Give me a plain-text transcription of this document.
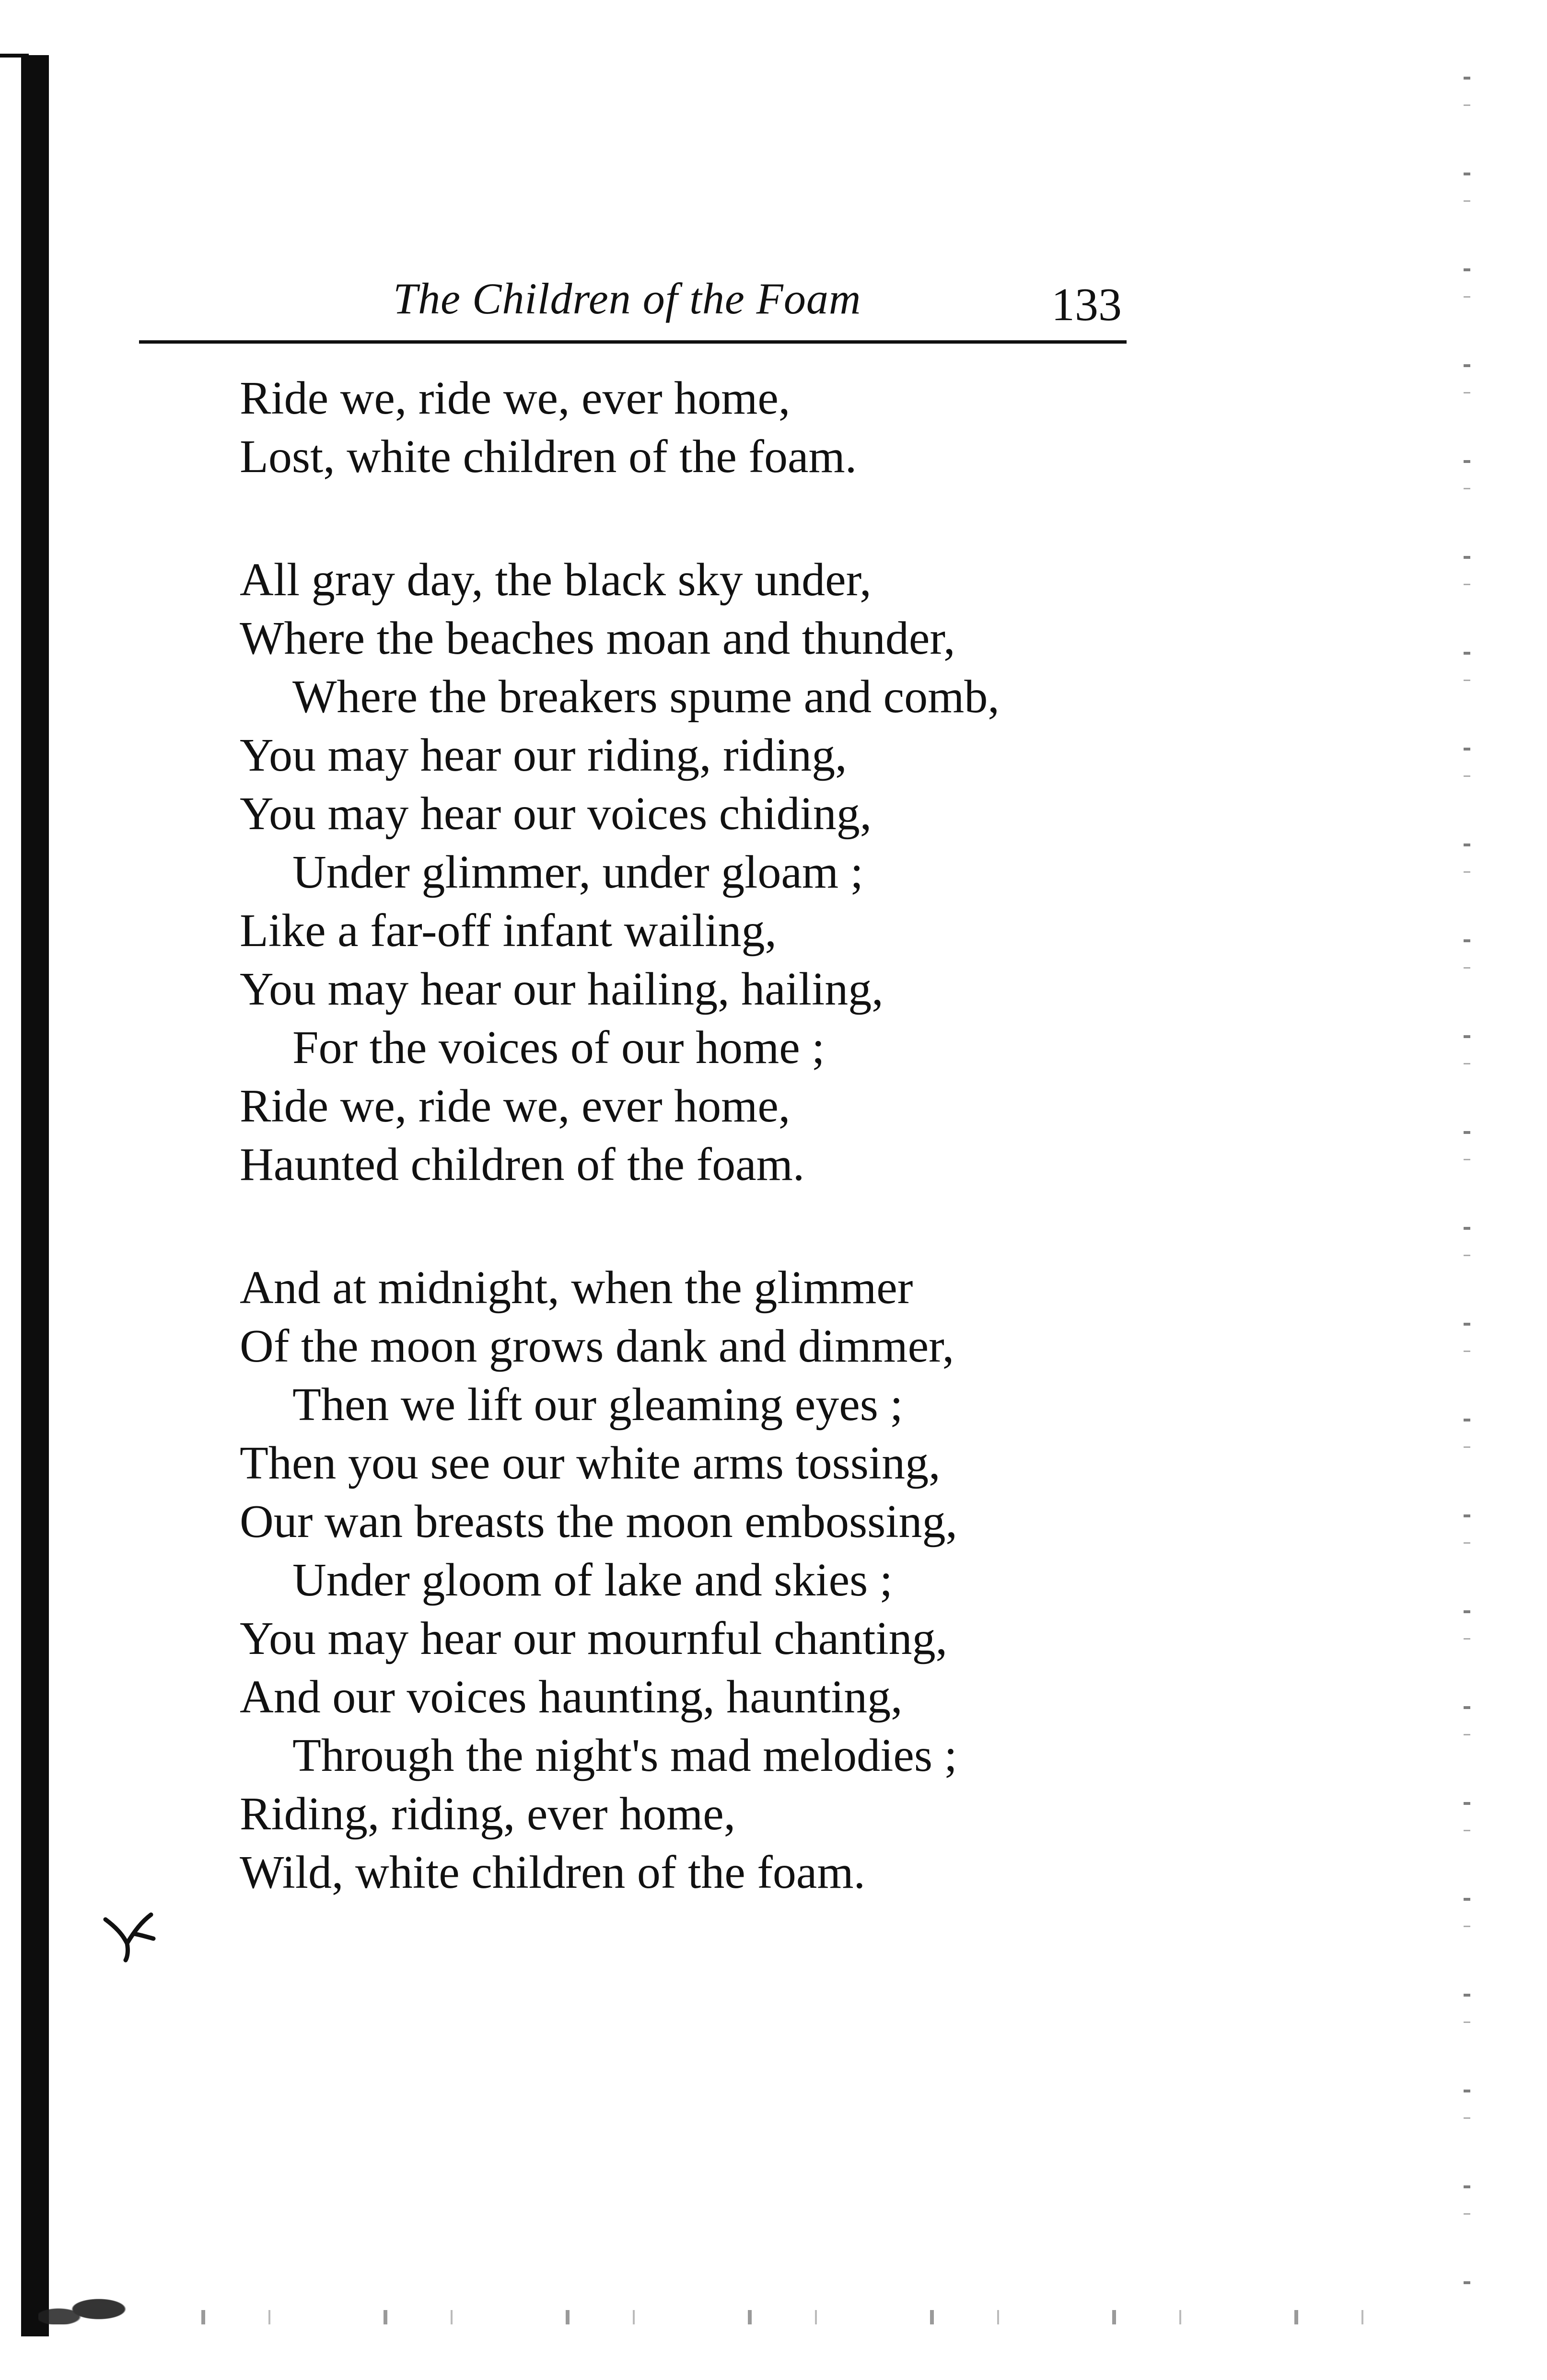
The Children of the Foam	133
Ride we, ride we, ever home,
Lost, white children of the foam.
All gray day, the black sky under,
Where the beaches moan and thunder,
Where the breakers spume and comb,
You may hear our riding, riding,
You may hear our voices chiding,
Under glimmer, under gloam ;
Like a far-off infant wailing,
You may hear our hailing, hailing,
For the voices of our home ;
Ride we, ride we, ever home,
Haunted children of the foam.
And at midnight, when the glimmer
Of the moon grows dank and dimmer,
Then we lift our gleaming eyes ;
Then you see our white arms tossing,
Our wan breasts the moon embossing,
Under gloom of lake and skies ;
You may hear our mournful chanting,
And our voices haunting, haunting,
Through the night's mad melodies ;
Riding, riding, ever home,
Wild, white children of the foam.
